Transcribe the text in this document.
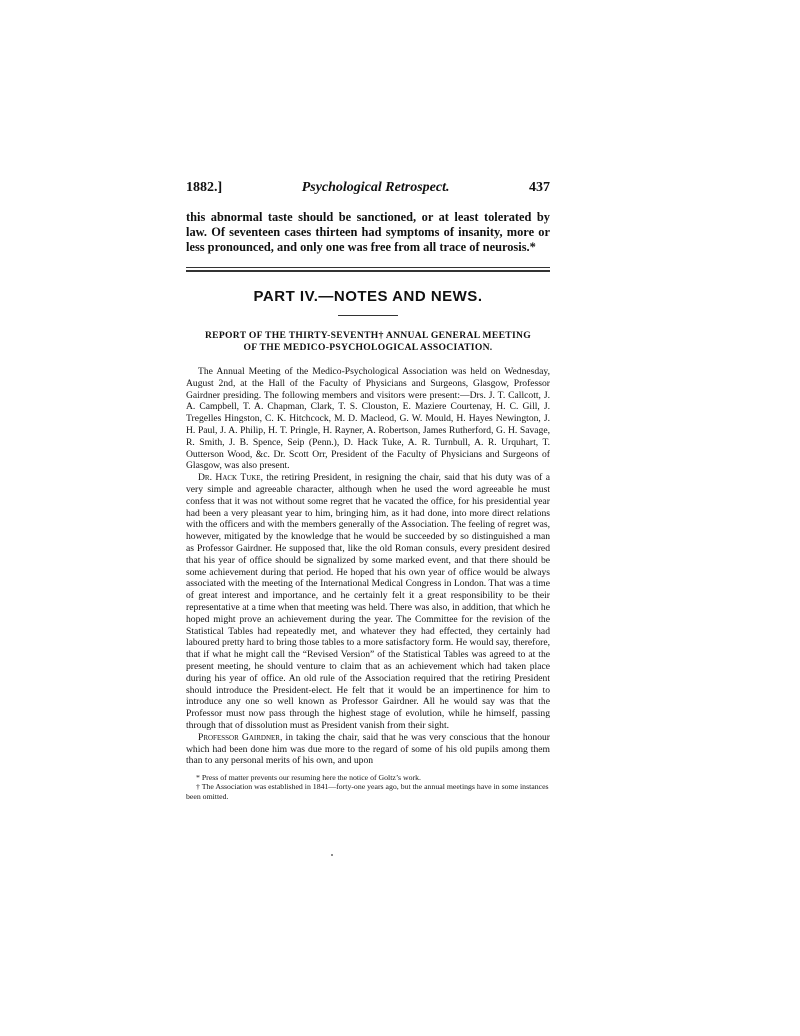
1882.]	Psychological Retrospect.	437

this abnormal taste should be sanctioned, or at least tolerated by law. Of seventeen cases thirteen had symptoms of insanity, more or less pronounced, and only one was free from all trace of neurosis.*

PART IV.—NOTES AND NEWS.
REPORT OF THE THIRTY-SEVENTH† ANNUAL GENERAL MEETING
OF THE MEDICO-PSYCHOLOGICAL ASSOCIATION.

The Annual Meeting of the Medico-Psychological Association was held on Wednesday, August 2nd, at the Hall of the Faculty of Physicians and Surgeons, Glasgow, Professor Gairdner presiding. The following members and visitors were present:—Drs. J. T. Callcott, J. A. Campbell, T. A. Chapman, Clark, T. S. Clouston, E. Maziere Courtenay, H. C. Gill, J. Tregelles Hingston, C. K. Hitchcock, M. D. Macleod, G. W. Mould, H. Hayes Newington, J. H. Paul, J. A. Philip, H. T. Pringle, H. Rayner, A. Robertson, James Rutherford, G. H. Savage, R. Smith, J. B. Spence, Seip (Penn.), D. Hack Tuke, A. R. Turnbull, A. R. Urquhart, T. Outterson Wood, &c. Dr. Scott Orr, President of the Faculty of Physicians and Surgeons of Glasgow, was also present.

Dr. Hack Tuke, the retiring President, in resigning the chair, said that his duty was of a very simple and agreeable character, although when he used the word agreeable he must confess that it was not without some regret that he vacated the office, for his presidential year had been a very pleasant year to him, bringing him, as it had done, into more direct relations with the officers and with the members generally of the Association. The feeling of regret was, however, mitigated by the knowledge that he would be succeeded by so distinguished a man as Professor Gairdner. He supposed that, like the old Roman consuls, every president desired that his year of office should be signalized by some marked event, and that there should be some achievement during that period. He hoped that his own year of office would be always associated with the meeting of the International Medical Congress in London. That was a time of great interest and importance, and he certainly felt it a great responsibility to be their representative at a time when that meeting was held. There was also, in addition, that which he hoped might prove an achievement during the year. The Committee for the revision of the Statistical Tables had repeatedly met, and whatever they had effected, they certainly had laboured pretty hard to bring those tables to a more satisfactory form. He would say, therefore, that if what he might call the “Revised Version” of the Statistical Tables was agreed to at the present meeting, he should venture to claim that as an achievement which had taken place during his year of office. An old rule of the Association required that the retiring President should introduce the President-elect. He felt that it would be an impertinence for him to introduce any one so well known as Professor Gairdner. All he would say was that the Professor must now pass through the highest stage of evolution, while he himself, passing through that of dissolution must as President vanish from their sight.

Professor Gairdner, in taking the chair, said that he was very conscious that the honour which had been done him was due more to the regard of some of his old pupils among them than to any personal merits of his own, and upon

* Press of matter prevents our resuming here the notice of Goltz’s work.

† The Association was established in 1841—forty-one years ago, but the annual meetings have in some instances been omitted.
